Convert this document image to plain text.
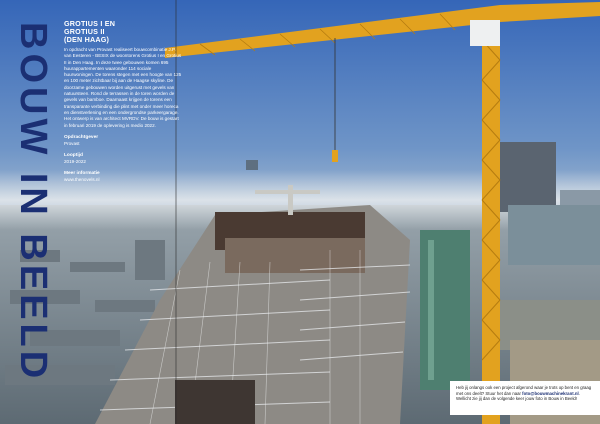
BOUW IN BEELD GROTIUS I EN
GROTIUS II
(DEN HAAG)

In opdracht van Provast realiseert bouwcombinatie J.P. van Eesteren - BESIX de woontorens Grotius I en Grotius II in Den Haag. In deze twee gebouwen komen 695 huurappartementen waaronder 114 sociale huurwoningen. De torens stegen met een hoogte van 125 en 100 meter zichtbaar bij aan de Haagse skyline. De doorzame gebouwen worden uitgerust met gevels van natuursteen. Rond de terrassen in de toren worden de gevels van bamboe. Daarnaast krijgen de torens een transparante verbinding die plint met onder meer horeca en dienstverlening en een ondergrondse parkeergarage. Het ontwerp is van architect MVRDV. De bouw is gestart in februari 2019 de oplevering is medio 2022.

Opdrachtgever

Provast

Looptijd

2019-2022

Meer informatie

www.thenovels.nl

Heb jij onlangs ook een project afgerond waar je trots op bent en graag met ons deelt? Stuur het dan naar foto@bouwmachinekrant.nl. Wellicht zie jij dan de volgende keer jouw foto in Bouw in Beeld!
